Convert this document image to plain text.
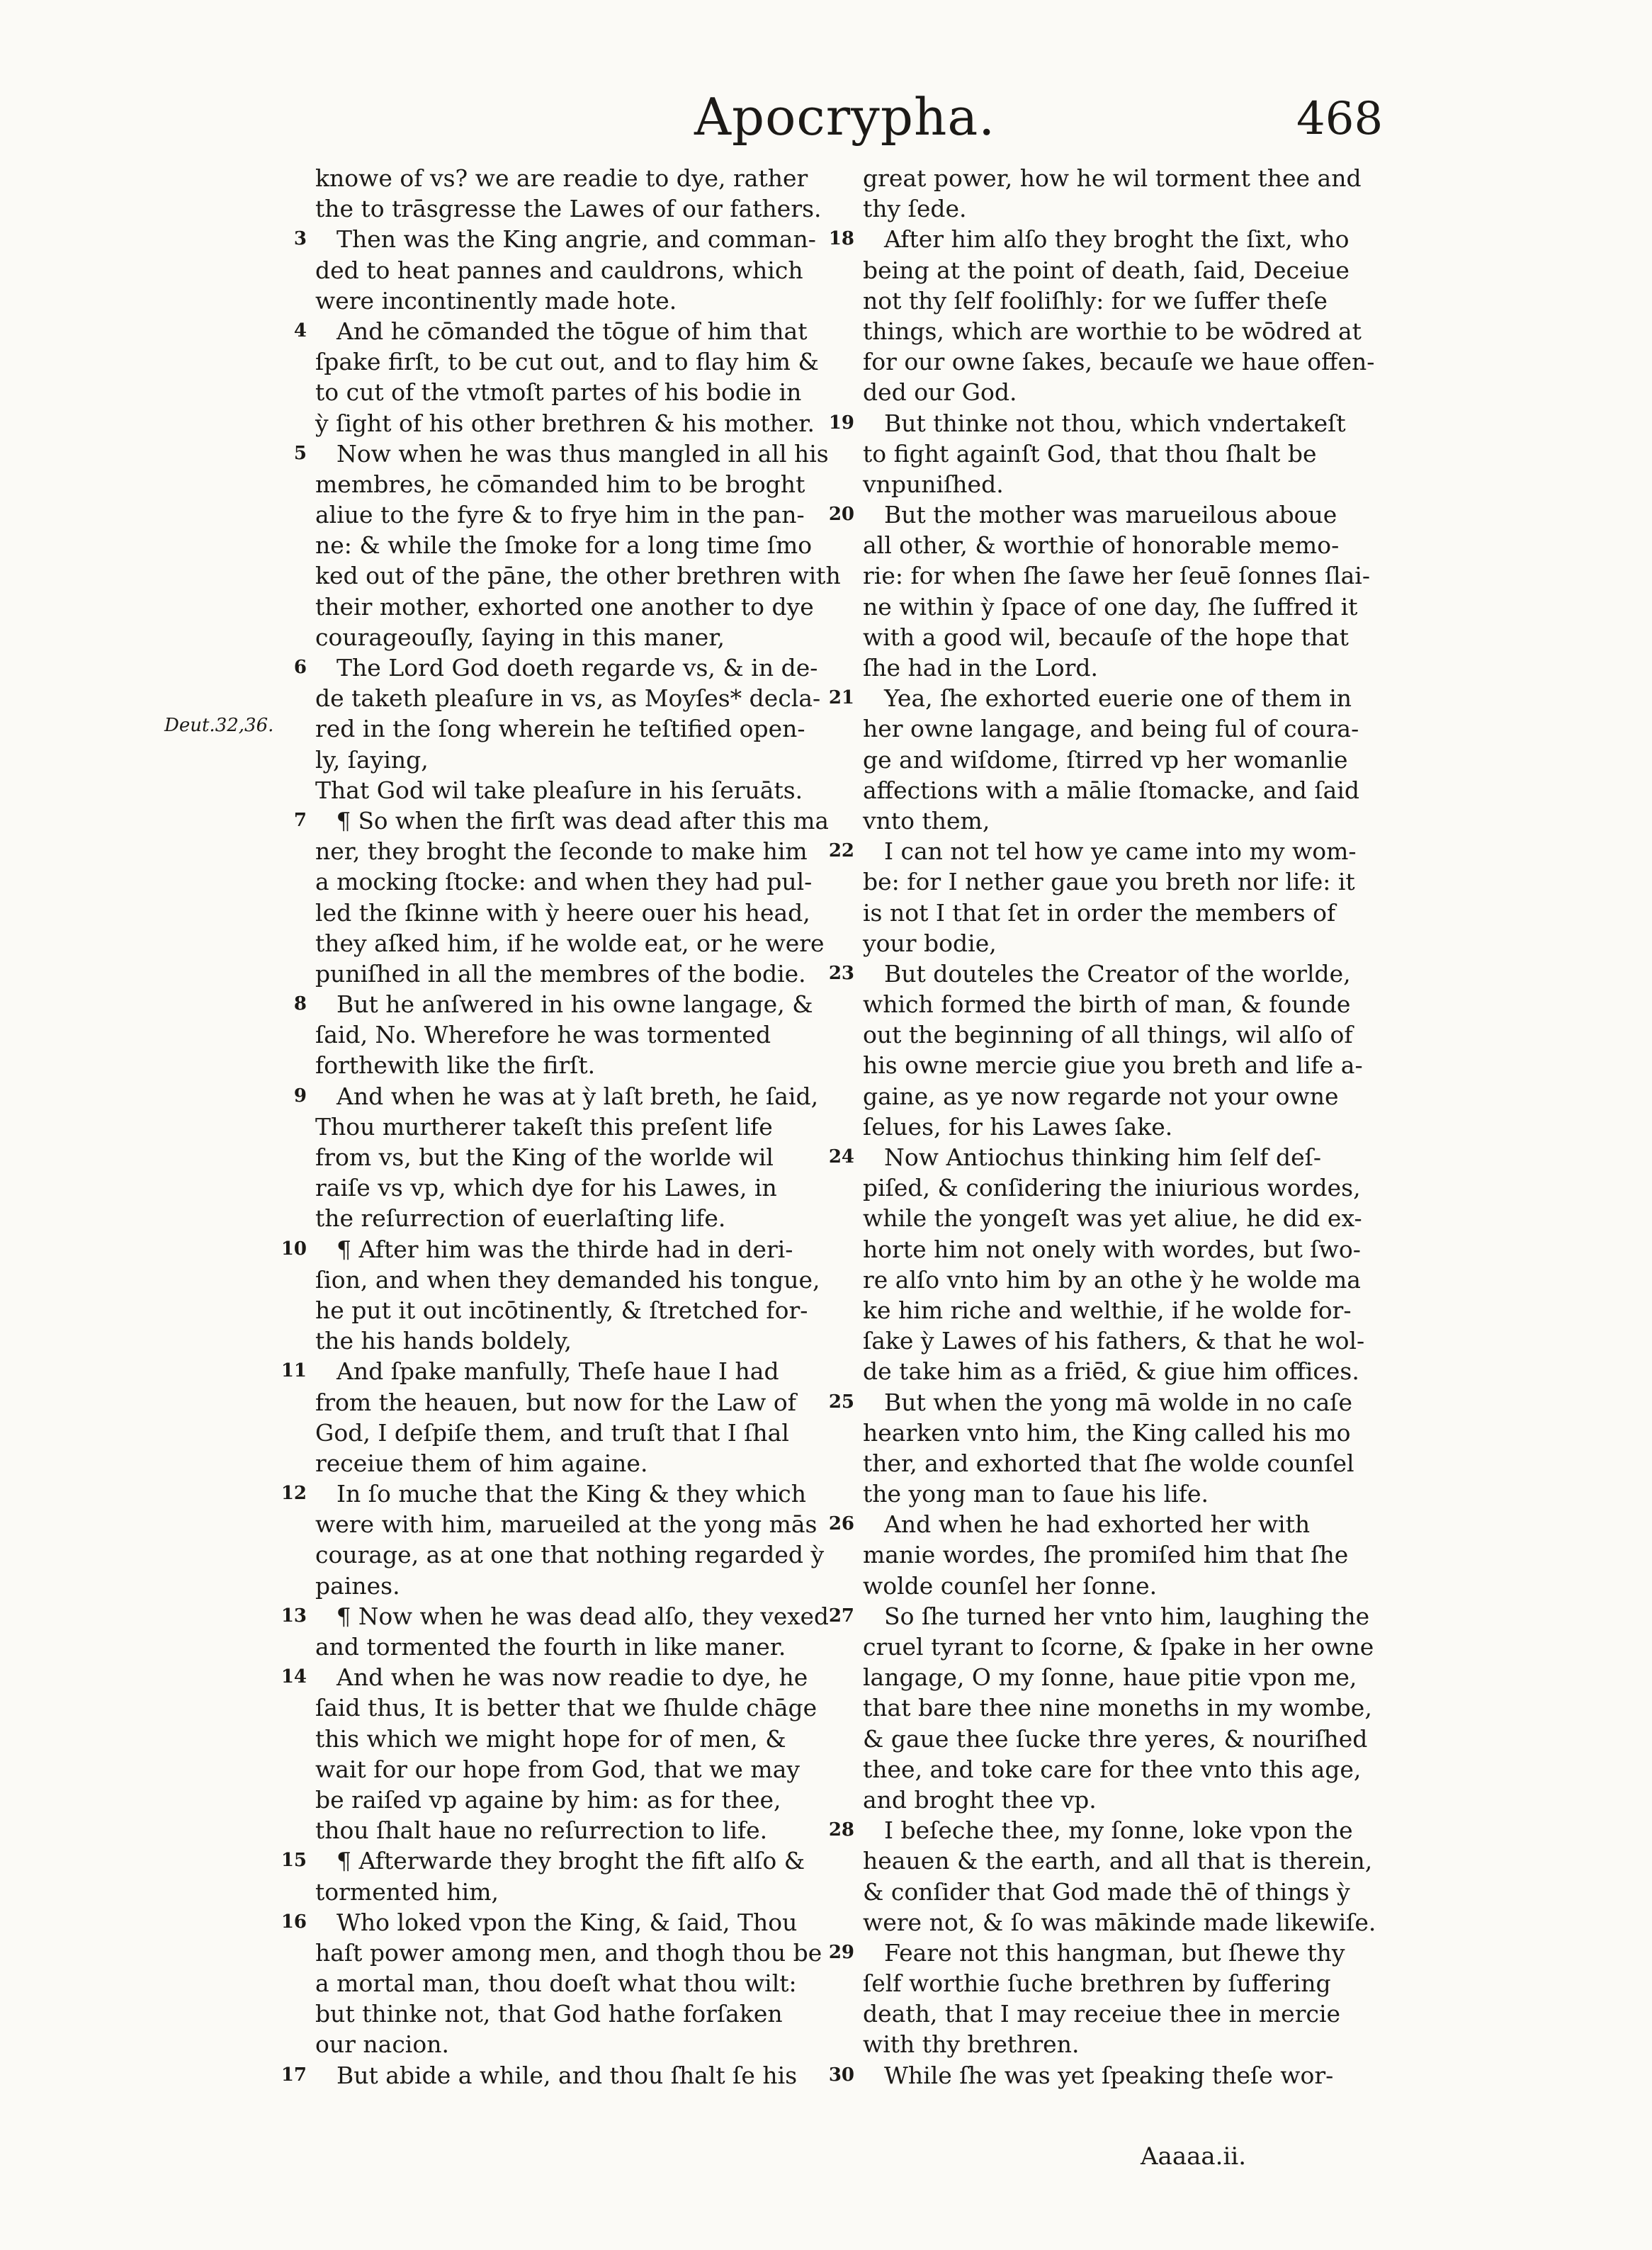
Apocrypha.	468
Deut.32,36.
knowe of vs? we are readie to dye, rather
the to trāsgresse the Lawes of our fathers.
3 Then was the King angrie, and comman-
ded to heat pannes and cauldrons, which
were incontinently made hote.
4 And he cōmanded the tōgue of him that
ſpake firſt, to be cut out, and to flay him &
to cut of the vtmoſt partes of his bodie in
ỳ ſight of his other brethren & his mother.
5 Now when he was thus mangled in all his
membres, he cōmanded him to be broght
aliue to the fyre & to frye him in the pan-
ne: & while the ſmoke for a long time ſmo
ked out of the pāne, the other brethren with
their mother, exhorted one another to dye
courageouſly, ſaying in this maner,
6 The Lord God doeth regarde vs, & in de-
de taketh pleaſure in vs, as Moyſes* decla-
red in the ſong wherein he teſtified open-
ly, ſaying,
That God wil take pleaſure in his ſeruāts.
7 ¶ So when the firſt was dead after this ma
ner, they broght the ſeconde to make him
a mocking ſtocke: and when they had pul-
led the ſkinne with ỳ heere ouer his head,
they aſked him, if he wolde eat, or he were
puniſhed in all the membres of the bodie.
8 But he anſwered in his owne langage, &
ſaid, No. Wherefore he was tormented
forthewith like the firſt.
9 And when he was at ỳ laſt breth, he ſaid,
Thou murtherer takeſt this preſent life
from vs, but the King of the worlde wil
raiſe vs vp, which dye for his Lawes, in
the reſurrection of euerlaſting life.
10 ¶ After him was the thirde had in deri-
ſion, and when they demanded his tongue,
he put it out incōtinently, & ſtretched for-
the his hands boldely,
11 And ſpake manfully, Theſe haue I had
from the heauen, but now for the Law of
God, I deſpiſe them, and truſt that I ſhal
receiue them of him againe.
12 In ſo muche that the King & they which
were with him, marueiled at the yong mās
courage, as at one that nothing regarded ỳ
paines.
13 ¶ Now when he was dead alſo, they vexed
and tormented the fourth in like maner.
14 And when he was now readie to dye, he
ſaid thus, It is better that we ſhulde chāge
this which we might hope for of men, &
wait for our hope from God, that we may
be raiſed vp againe by him: as for thee,
thou ſhalt haue no reſurrection to life.
15 ¶ Afterwarde they broght the fift alſo &
tormented him,
16 Who loked vpon the King, & ſaid, Thou
haſt power among men, and thogh thou be
a mortal man, thou doeſt what thou wilt:
but thinke not, that God hathe forſaken
our nacion.
17 But abide a while, and thou ſhalt ſe his
great power, how he wil torment thee and
thy ſede.
18 After him alſo they broght the ſixt, who
being at the point of death, ſaid, Deceiue
not thy ſelf fooliſhly: for we ſuffer theſe
things, which are worthie to be wōdred at
for our owne ſakes, becauſe we haue offen-
ded our God.
19 But thinke not thou, which vndertakeſt
to fight againſt God, that thou ſhalt be
vnpuniſhed.
20 But the mother was marueilous aboue
all other, & worthie of honorable memo-
rie: for when ſhe ſawe her ſeuē ſonnes ſlai-
ne within ỳ ſpace of one day, ſhe ſuffred it
with a good wil, becauſe of the hope that
ſhe had in the Lord.
21 Yea, ſhe exhorted euerie one of them in
her owne langage, and being ful of coura-
ge and wiſdome, ſtirred vp her womanlie
affections with a mālie ſtomacke, and ſaid
vnto them,
22 I can not tel how ye came into my wom-
be: for I nether gaue you breth nor life: it
is not I that ſet in order the members of
your bodie,
23 But douteles the Creator of the worlde,
which formed the birth of man, & founde
out the beginning of all things, wil alſo of
his owne mercie giue you breth and life a-
gaine, as ye now regarde not your owne
ſelues, for his Lawes ſake.
24 Now Antiochus thinking him ſelf deſ-
piſed, & conſidering the iniurious wordes,
while the yongeſt was yet aliue, he did ex-
horte him not onely with wordes, but ſwo-
re alſo vnto him by an othe ỳ he wolde ma
ke him riche and welthie, if he wolde for-
ſake ỳ Lawes of his fathers, & that he wol-
de take him as a friēd, & giue him offices.
25 But when the yong mā wolde in no caſe
hearken vnto him, the King called his mo
ther, and exhorted that ſhe wolde counſel
the yong man to ſaue his life.
26 And when he had exhorted her with
manie wordes, ſhe promiſed him that ſhe
wolde counſel her ſonne.
27 So ſhe turned her vnto him, laughing the
cruel tyrant to ſcorne, & ſpake in her owne
langage, O my ſonne, haue pitie vpon me,
that bare thee nine moneths in my wombe,
& gaue thee ſucke thre yeres, & nouriſhed
thee, and toke care for thee vnto this age,
and broght thee vp.
28 I beſeche thee, my ſonne, loke vpon the
heauen & the earth, and all that is therein,
& conſider that God made thē of things ỳ
were not, & ſo was mākinde made likewiſe.
29 Feare not this hangman, but ſhewe thy
ſelf worthie ſuche brethren by ſuffering
death, that I may receiue thee in mercie
with thy brethren.
30 While ſhe was yet ſpeaking theſe wor-
Aaaaa.ii.
